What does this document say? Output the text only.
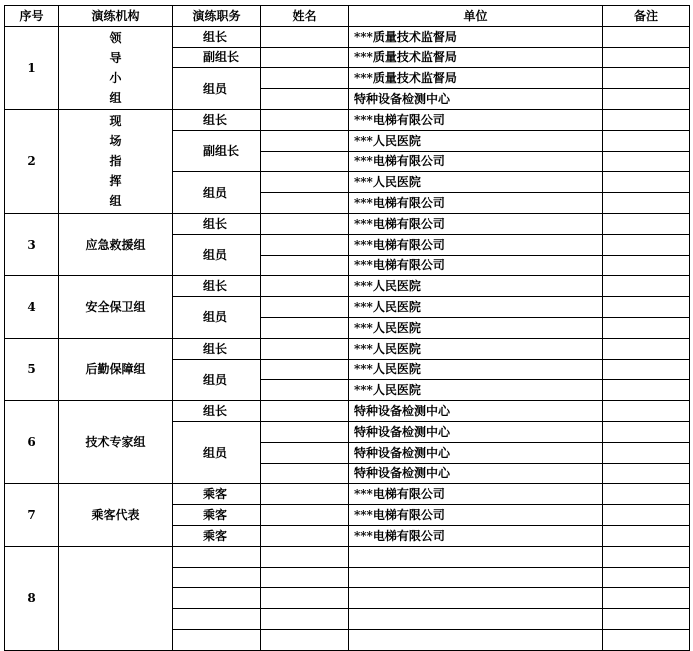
序号	演练机构	演练职务	姓名	单位	备注
1	领
导
小
组	组长		***质量技术监督局	
		副组长		***质量技术监督局	
		组员		***质量技术监督局	
				特种设备检测中心	
2	现
场
指
挥
组	组长		***电梯有限公司	
		副组长		***人民医院	
				***电梯有限公司	
		组员		***人民医院	
				***电梯有限公司	
3	应急救援组	组长		***电梯有限公司	
		组员		***电梯有限公司	
				***电梯有限公司	
4	安全保卫组	组长		***人民医院	
		组员		***人民医院	
				***人民医院	
5	后勤保障组	组长		***人民医院	
		组员		***人民医院	
				***人民医院	
6	技术专家组	组长		特种设备检测中心	
		组员		特种设备检测中心	
				特种设备检测中心	
				特种设备检测中心	
7	乘客代表	乘客		***电梯有限公司	
		乘客		***电梯有限公司	
		乘客		***电梯有限公司	
8					
